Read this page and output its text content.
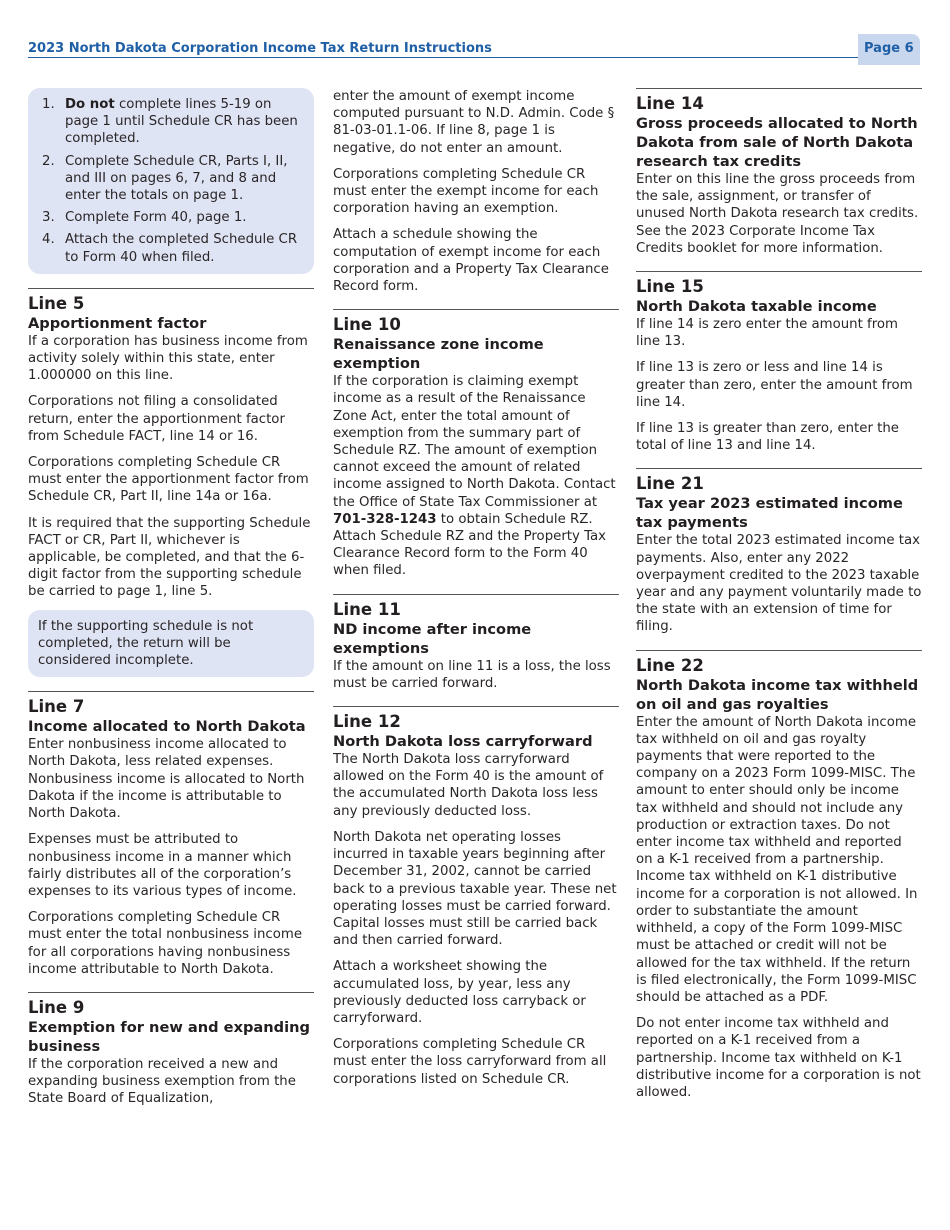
2023 North Dakota Corporation Income Tax Return Instructions	Page 6
1. Do not complete lines 5-19 on page 1 until Schedule CR has been completed.
2. Complete Schedule CR, Parts I, II, and III on pages 6, 7, and 8 and enter the totals on page 1.
3. Complete Form 40, page 1.
4. Attach the completed Schedule CR to Form 40 when filed.
Line 5
Apportionment factor

If a corporation has business income from activity solely within this state, enter 1.000000 on this line.

Corporations not filing a consolidated return, enter the apportionment factor from Schedule FACT, line 14 or 16.

Corporations completing Schedule CR must enter the apportionment factor from Schedule CR, Part II, line 14a or 16a.

It is required that the supporting Schedule FACT or CR, Part II, whichever is applicable, be completed, and that the 6-digit factor from the supporting schedule be carried to page 1, line 5.

If the supporting schedule is not completed, the return will be considered incomplete.

Line 7
Income allocated to North Dakota

Enter nonbusiness income allocated to North Dakota, less related expenses. Nonbusiness income is allocated to North Dakota if the income is attributable to North Dakota.

Expenses must be attributed to nonbusiness income in a manner which fairly distributes all of the corporation’s expenses to its various types of income.

Corporations completing Schedule CR must enter the total nonbusiness income for all corporations having nonbusiness income attributable to North Dakota.

Line 9
Exemption for new and expanding business

If the corporation received a new and expanding business exemption from the State Board of Equalization,

enter the amount of exempt income computed pursuant to N.D. Admin. Code § 81-03-01.1-06. If line 8, page 1 is negative, do not enter an amount.

Corporations completing Schedule CR must enter the exempt income for each corporation having an exemption.

Attach a schedule showing the computation of exempt income for each corporation and a Property Tax Clearance Record form.

Line 10
Renaissance zone income exemption

If the corporation is claiming exempt income as a result of the Renaissance Zone Act, enter the total amount of exemption from the summary part of Schedule RZ. The amount of exemption cannot exceed the amount of related income assigned to North Dakota. Contact the Office of State Tax Commissioner at 701-328-1243 to obtain Schedule RZ. Attach Schedule RZ and the Property Tax Clearance Record form to the Form 40 when filed.

Line 11
ND income after income exemptions

If the amount on line 11 is a loss, the loss must be carried forward.

Line 12
North Dakota loss carryforward

The North Dakota loss carryforward allowed on the Form 40 is the amount of the accumulated North Dakota loss less any previously deducted loss.

North Dakota net operating losses incurred in taxable years beginning after December 31, 2002, cannot be carried back to a previous taxable year. These net operating losses must be carried forward. Capital losses must still be carried back and then carried forward.

Attach a worksheet showing the accumulated loss, by year, less any previously deducted loss carryback or carryforward.

Corporations completing Schedule CR must enter the loss carryforward from all corporations listed on Schedule CR.

Line 14
Gross proceeds allocated to North Dakota from sale of North Dakota research tax credits

Enter on this line the gross proceeds from the sale, assignment, or transfer of unused North Dakota research tax credits. See the 2023 Corporate Income Tax Credits booklet for more information.

Line 15
North Dakota taxable income

If line 14 is zero enter the amount from line 13.

If line 13 is zero or less and line 14 is greater than zero, enter the amount from line 14.

If line 13 is greater than zero, enter the total of line 13 and line 14.

Line 21
Tax year 2023 estimated income tax payments

Enter the total 2023 estimated income tax payments. Also, enter any 2022 overpayment credited to the 2023 taxable year and any payment voluntarily made to the state with an extension of time for filing.

Line 22
North Dakota income tax withheld on oil and gas royalties

Enter the amount of North Dakota income tax withheld on oil and gas royalty payments that were reported to the company on a 2023 Form 1099-MISC. The amount to enter should only be income tax withheld and should not include any production or extraction taxes. Do not enter income tax withheld and reported on a K-1 received from a partnership. Income tax withheld on K-1 distributive income for a corporation is not allowed. In order to substantiate the amount withheld, a copy of the Form 1099-MISC must be attached or credit will not be allowed for the tax withheld. If the return is filed electronically, the Form 1099-MISC should be attached as a PDF.

Do not enter income tax withheld and reported on a K-1 received from a partnership. Income tax withheld on K-1 distributive income for a corporation is not allowed.
